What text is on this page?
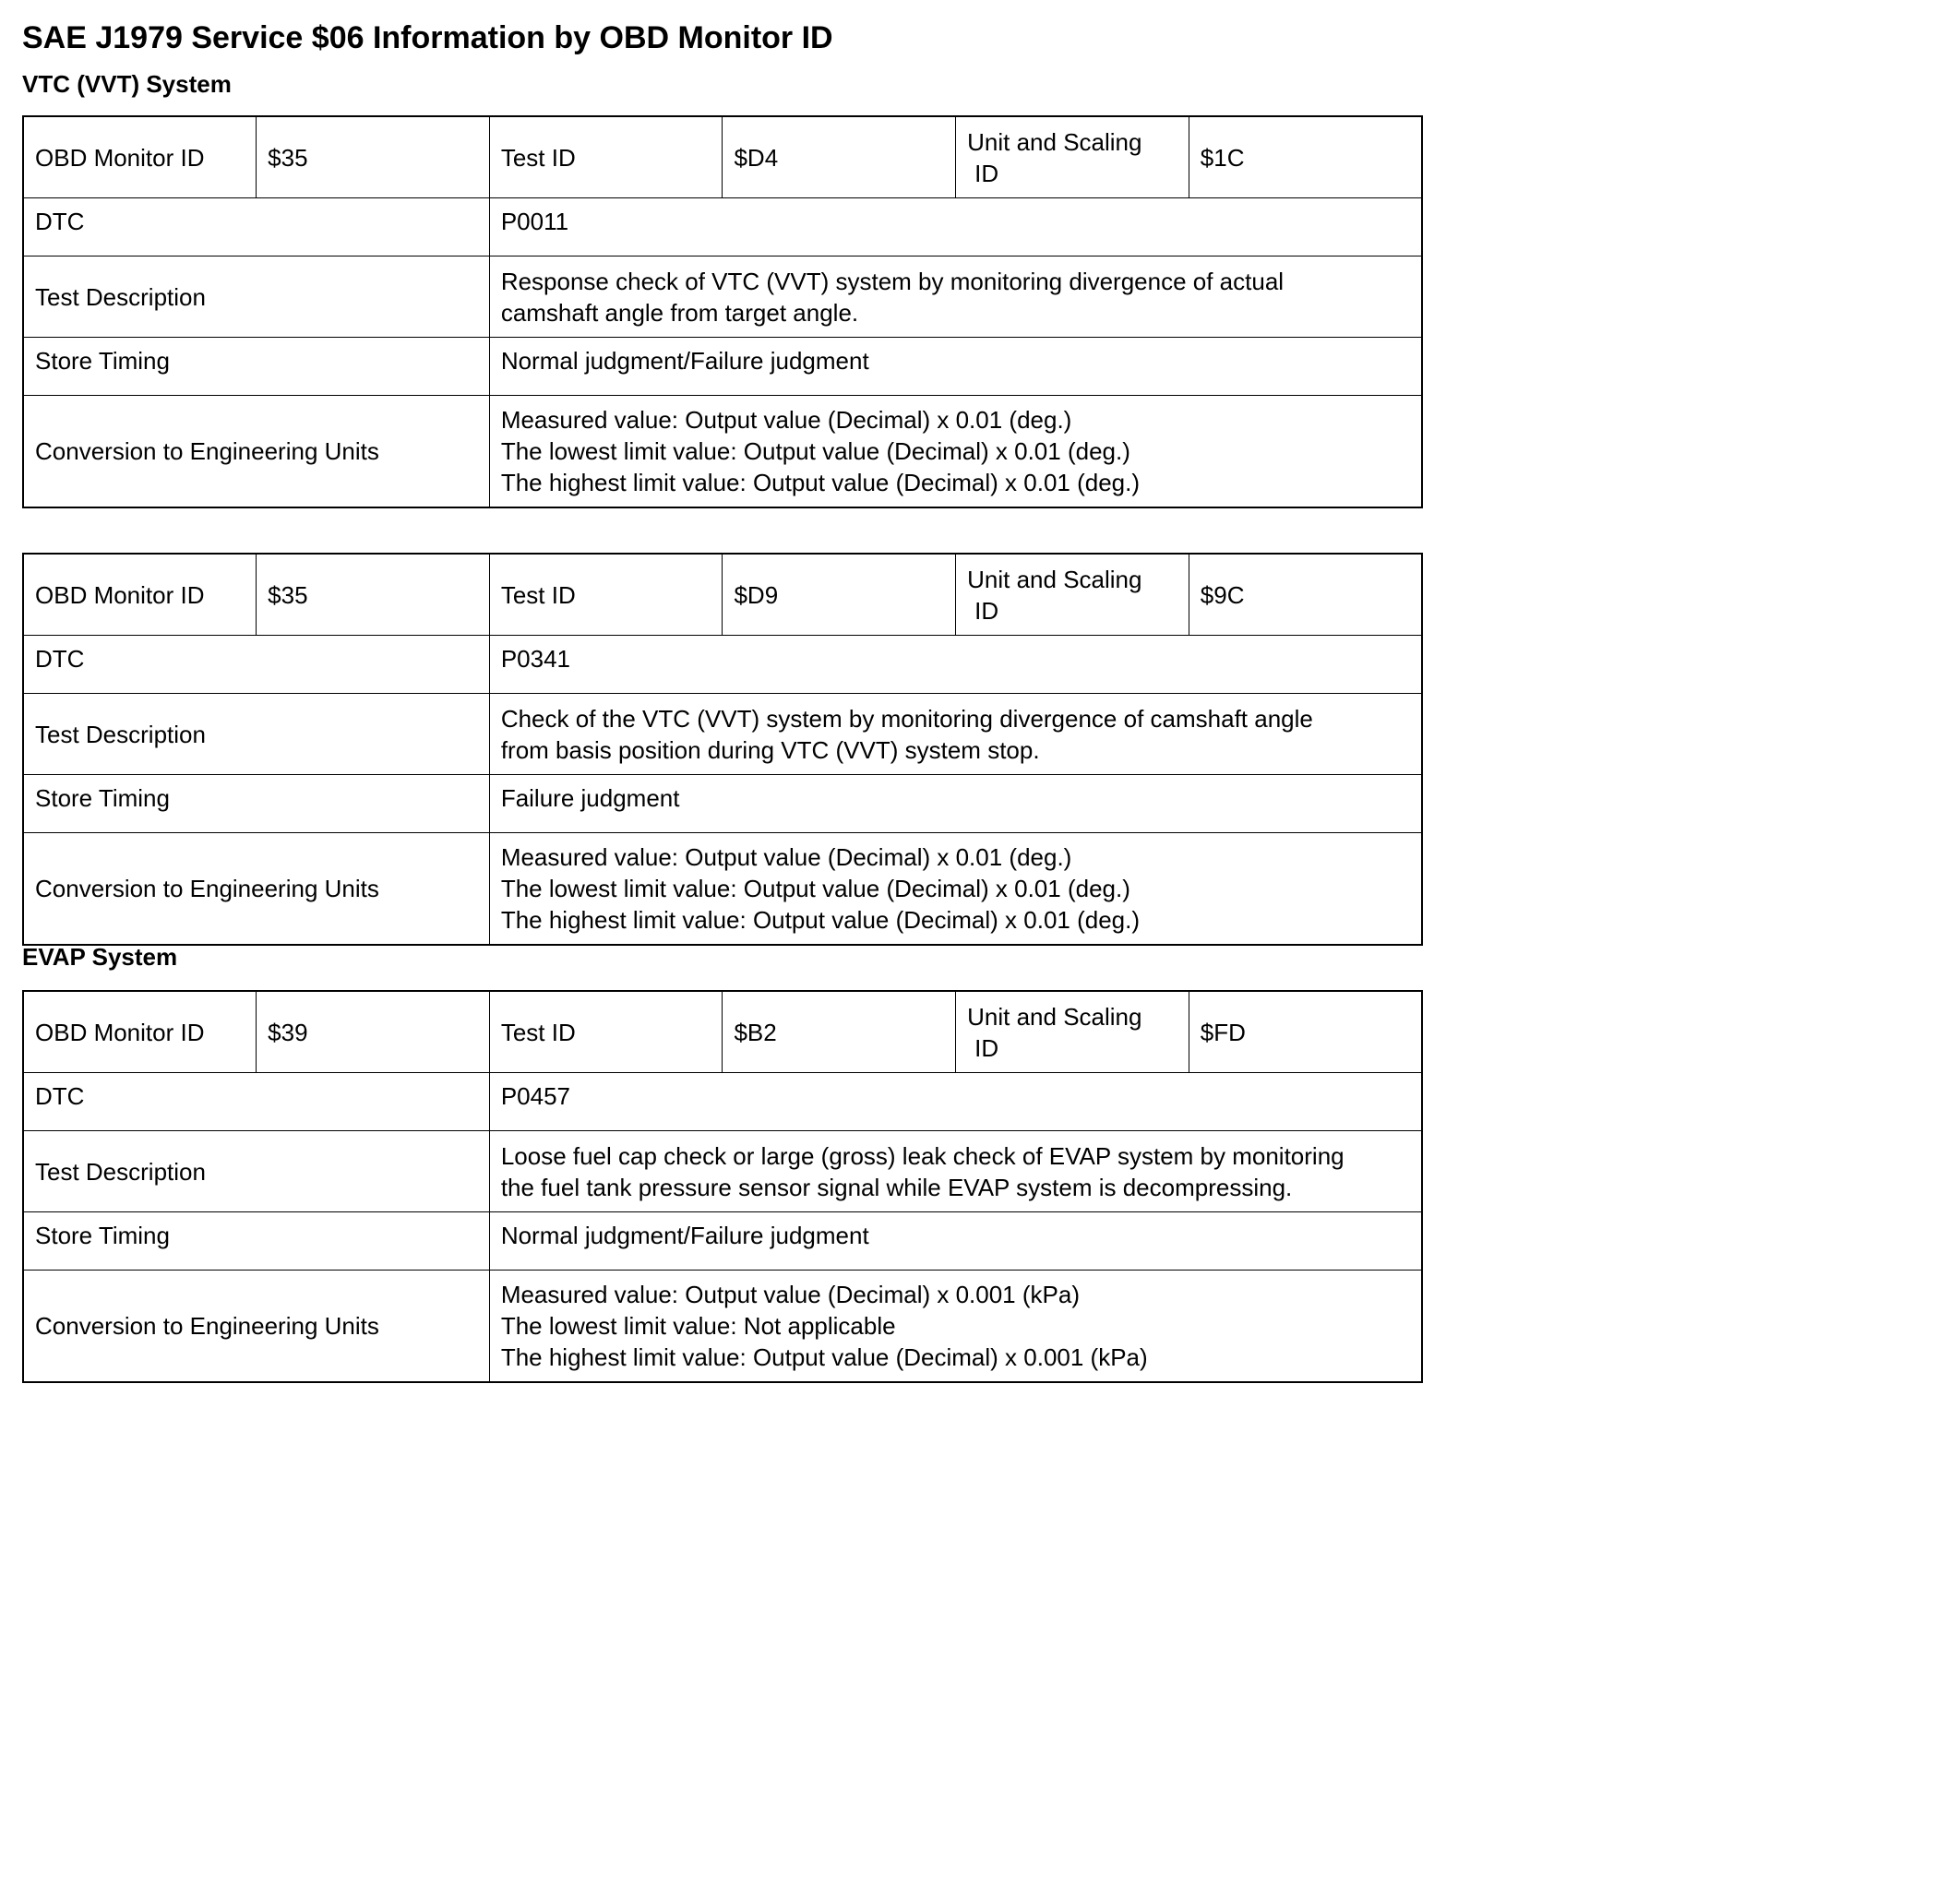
SAE J1979 Service $06 Information by OBD Monitor ID
VTC (VVT) System
OBD Monitor ID	$35	Test ID	$D4	Unit and Scaling
ID	$1C
DTC		P0011			
Test Description		Response check of VTC (VVT) system by monitoring divergence of actual
camshaft angle from target angle.			

Store Timing		Normal judgment/Failure judgment			
Conversion to Engineering Units		Measured value: Output value (Decimal) x 0.01 (deg.)
The lowest limit value: Output value (Decimal) x 0.01 (deg.)
The highest limit value: Output value (Decimal) x 0.01 (deg.)			
OBD Monitor ID	$35	Test ID	$D9	Unit and Scaling
ID	$9C
DTC		P0341			
Test Description		Check of the VTC (VVT) system by monitoring divergence of camshaft angle
from basis position during VTC (VVT) system stop.			

Store Timing		Failure judgment			
Conversion to Engineering Units		Measured value: Output value (Decimal) x 0.01 (deg.)
The lowest limit value: Output value (Decimal) x 0.01 (deg.)
The highest limit value: Output value (Decimal) x 0.01 (deg.)			
EVAP System
OBD Monitor ID	$39	Test ID	$B2	Unit and Scaling
ID	$FD
DTC		P0457			
Test Description		Loose fuel cap check or large (gross) leak check of EVAP system by monitoring
the fuel tank pressure sensor signal while EVAP system is decompressing.			

Store Timing		Normal judgment/Failure judgment			
Conversion to Engineering Units		Measured value: Output value (Decimal) x 0.001 (kPa)
The lowest limit value: Not applicable
The highest limit value: Output value (Decimal) x 0.001 (kPa)			
